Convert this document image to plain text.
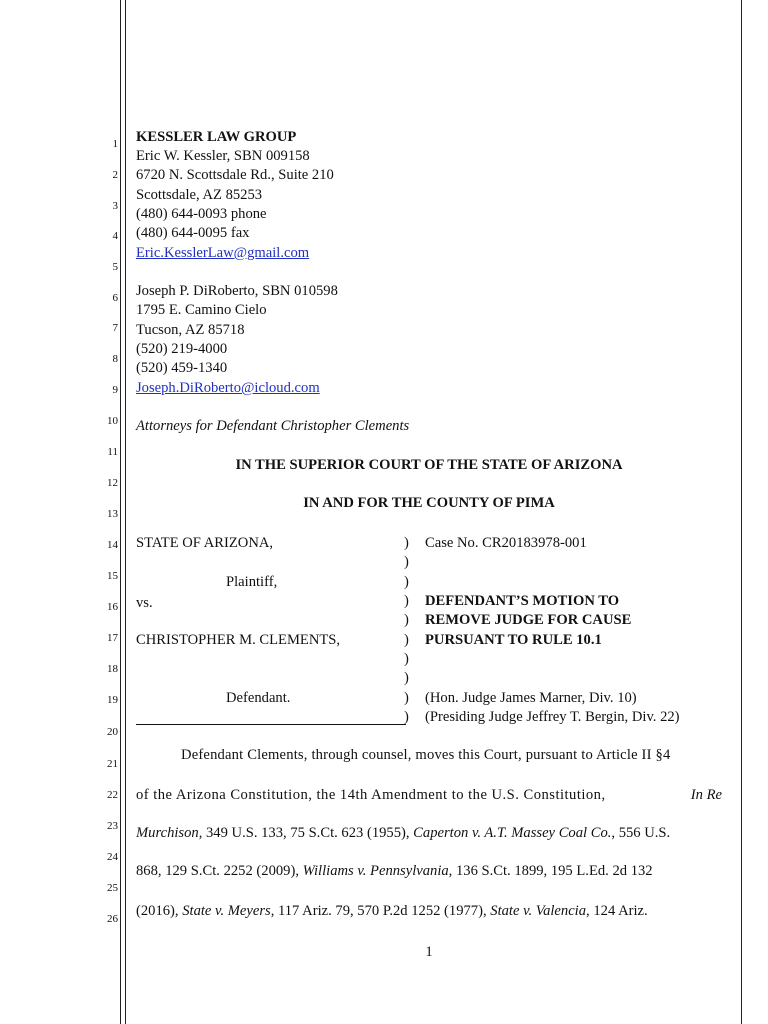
1
2
3
4
5
6
7
8
9
10
11
12
13
14
15
16
17
18
19
20
21
22
23
24
25
26
KESSLER LAW GROUP
Eric W. Kessler, SBN 009158
6720 N. Scottsdale Rd., Suite 210
Scottsdale, AZ 85253
(480) 644-0093 phone
(480) 644-0095 fax
Eric.KesslerLaw@gmail.com
Joseph P. DiRoberto, SBN 010598
1795 E. Camino Cielo
Tucson, AZ 85718
(520) 219-4000
(520) 459-1340
Joseph.DiRoberto@icloud.com
Attorneys for Defendant Christopher Clements
IN THE SUPERIOR COURT OF THE STATE OF ARIZONA
IN AND FOR THE COUNTY OF PIMA
STATE OF ARIZONA,
Plaintiff,
vs.
CHRISTOPHER M. CLEMENTS,
Defendant.
)
)
)
)
)
)
)
)
)
)
Case No. CR20183978-001
DEFENDANT’S MOTION TO
REMOVE JUDGE FOR CAUSE
PURSUANT TO RULE 10.1
(Hon. Judge James Marner, Div. 10)
(Presiding Judge Jeffrey T. Bergin, Div. 22)
Defendant Clements, through counsel, moves this Court, pursuant to Article II §4
of the Arizona Constitution, the 14th Amendment to the U.S. Constitution,	In Re
Murchison , 349 U.S. 133, 75 S.Ct. 623 (1955), Caperton v. A.T. Massey Coal Co. , 556 U.S.
868, 129 S.Ct. 2252 (2009), Williams v. Pennsylvania , 136 S.Ct. 1899, 195 L.Ed. 2d 132
(2016), State v. Meyers , 117 Ariz. 79, 570 P.2d 1252 (1977), State v. Valencia , 124 Ariz.
1
